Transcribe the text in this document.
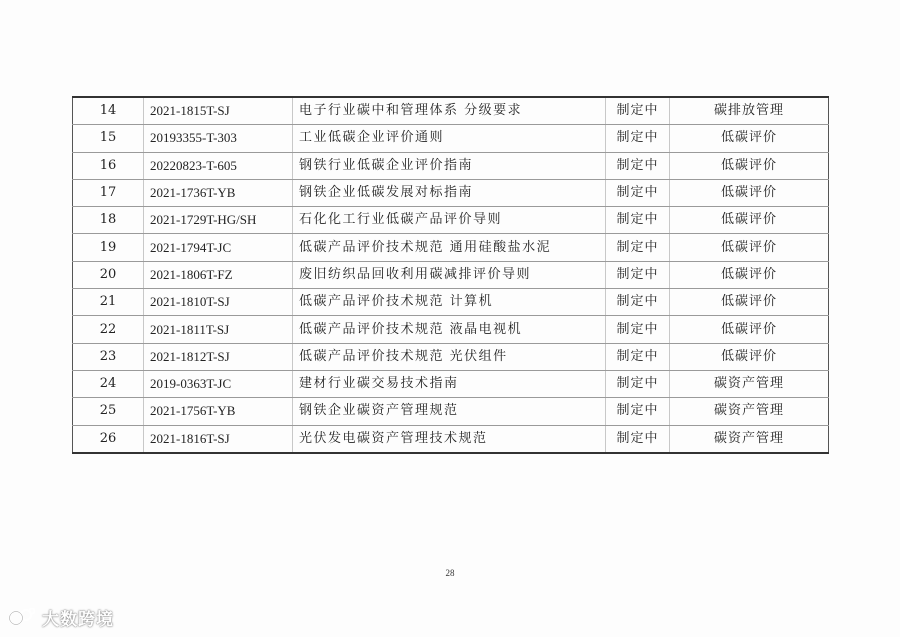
14	2021-1815T-SJ	电子行业碳中和管理体系 分级要求	制定中	碳排放管理
15	20193355-T-303	工业低碳企业评价通则	制定中	低碳评价
16	20220823-T-605	钢铁行业低碳企业评价指南	制定中	低碳评价
17	2021-1736T-YB	钢铁企业低碳发展对标指南	制定中	低碳评价
18	2021-1729T-HG/SH	石化化工行业低碳产品评价导则	制定中	低碳评价
19	2021-1794T-JC	低碳产品评价技术规范 通用硅酸盐水泥	制定中	低碳评价
20	2021-1806T-FZ	废旧纺织品回收利用碳减排评价导则	制定中	低碳评价
21	2021-1810T-SJ	低碳产品评价技术规范 计算机	制定中	低碳评价
22	2021-1811T-SJ	低碳产品评价技术规范 液晶电视机	制定中	低碳评价
23	2021-1812T-SJ	低碳产品评价技术规范 光伏组件	制定中	低碳评价
24	2019-0363T-JC	建材行业碳交易技术指南	制定中	碳资产管理
25	2021-1756T-YB	钢铁企业碳资产管理规范	制定中	碳资产管理
26	2021-1816T-SJ	光伏发电碳资产管理技术规范	制定中	碳资产管理
28
大数跨境
